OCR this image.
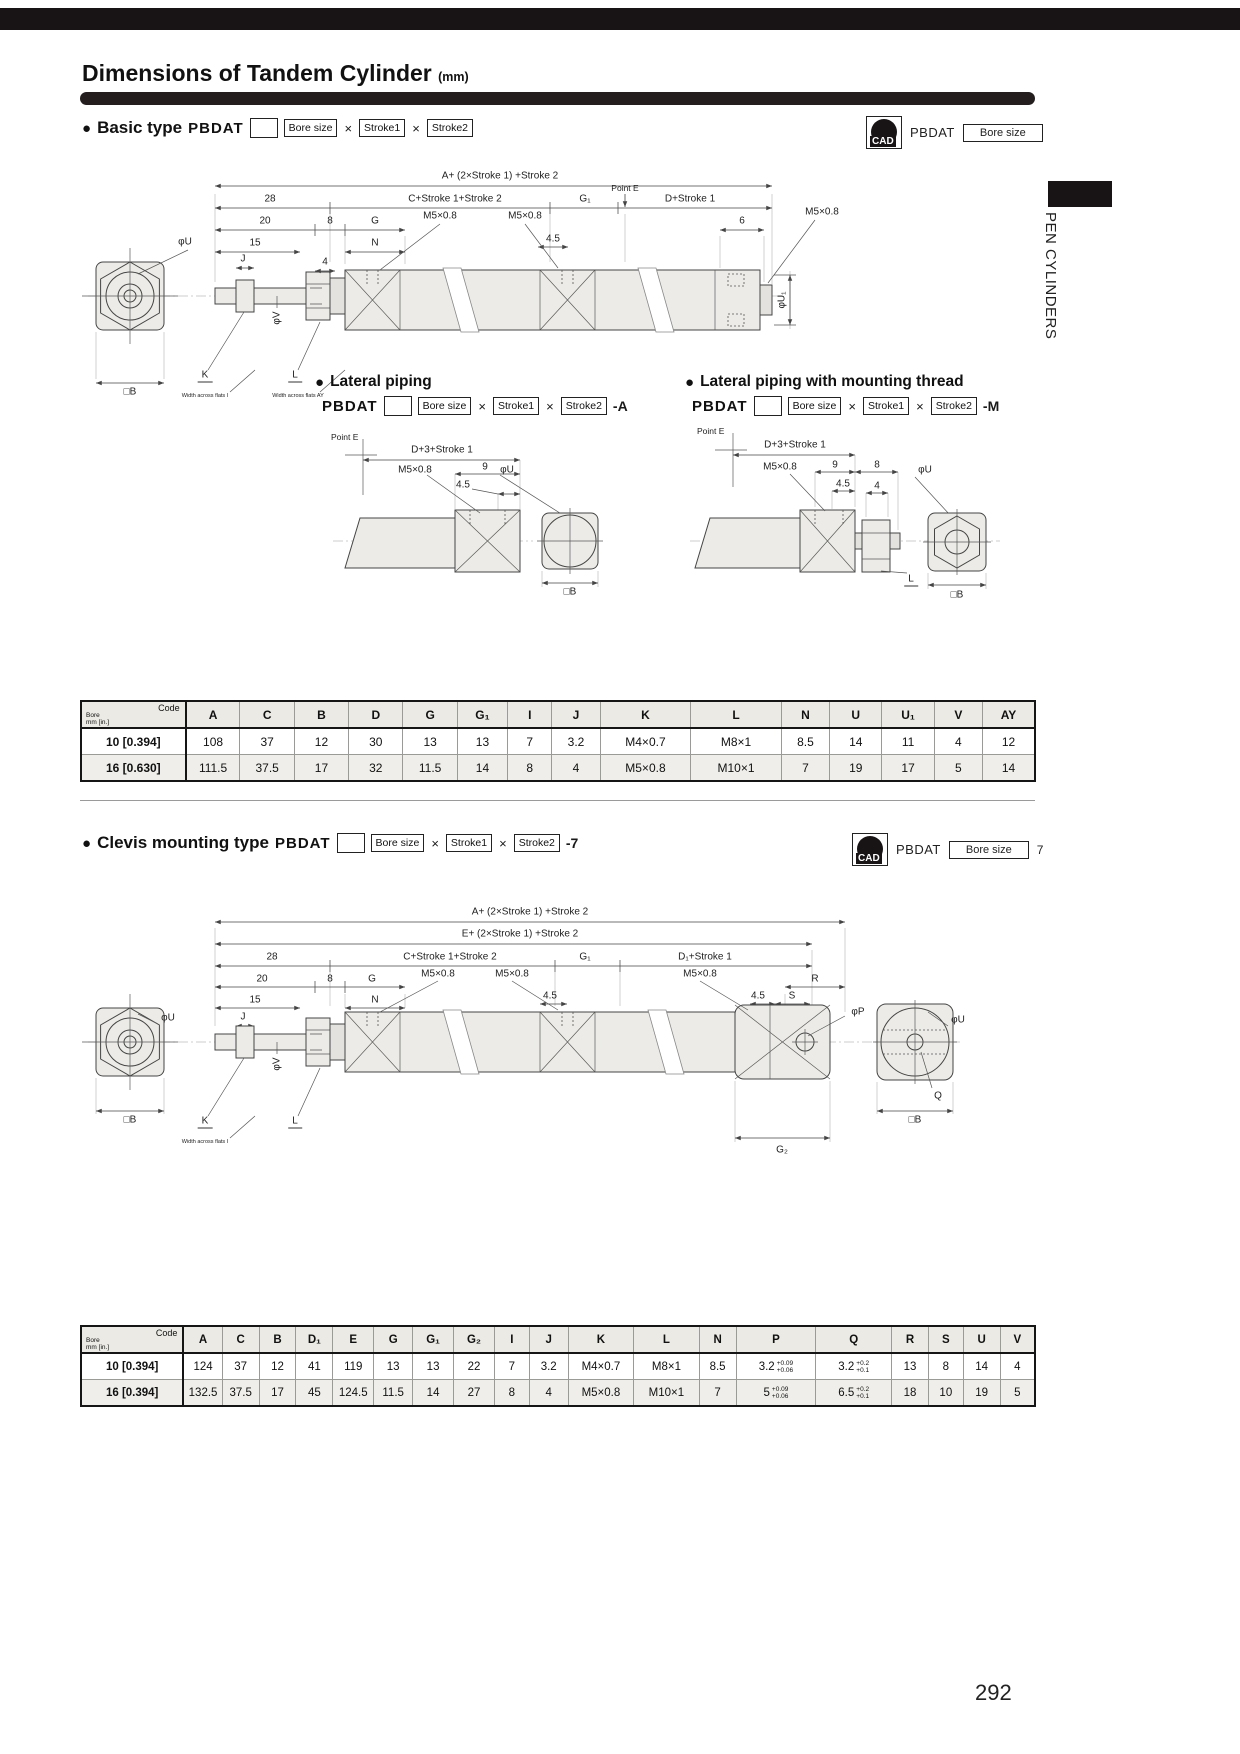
PEN CYLINDERS
Dimensions of Tandem Cylinder (mm)
● Basic type PBDAT	Bore size ×	Stroke1 ×	Stroke2
CAD
PBDAT	Bore size
A+ (2×Stroke 1) +Stroke 2
28	C+Stroke 1+Stroke 2	G₁
Point E
D+Stroke 1
20	8	G	M5×0.8	M5×0.8
4.5
6
M5×0.8
15	N
J	4
φU
φV
φU₁
K	L
□B	Width across flats I	Width across flats AY
● Lateral piping
PBDAT	Bore size ×	Stroke1 ×	Stroke2 -A
Point E
D+3+Stroke 1
M5×0.8	9
4.5
φU
□B
● Lateral piping with mounting thread
PBDAT	Bore size ×	Stroke1 ×	Stroke2 -M
Point E
D+3+Stroke 1
M5×0.8	9	8
4.5 4
φU
L
□B
Code
Bore
mm [in.]	A	C	B	D	G	G₁	I	J	K	L	N	U	U₁	V	AY
10 [0.394]	108	37	12	30	13	13	7	3.2	M4×0.7	M8×1	8.5	14	11	4	12
16 [0.630]	111.5	37.5	17	32	11.5	14	8	4	M5×0.8	M10×1	7	19	17	5	14
● Clevis mounting type PBDAT	Bore size ×	Stroke1 ×	Stroke2 -7
CAD
PBDAT	Bore size	7
A+ (2×Stroke 1) +Stroke 2
E+ (2×Stroke 1) +Stroke 2
28	C+Stroke 1+Stroke 2	G₁	D₁+Stroke 1
20	8	G	M5×0.8	M5×0.8	M5×0.8	R
4.5	4.5 S
15	N
J	φP
φU	φU
φV
K	L
□B
Width across flats I
G₂
Q
□B
Code
Bore
mm [in.]	A	C	B	D₁	E	G	G₁	G₂	I	J	K	L	N	P	Q	R	S	U	V
10 [0.394]	124	37	12	41	119	13	13	22	7	3.2	M4×0.7	M8×1	8.5	3.2 +0.09
+0.06	3.2 +0.2
+0.1	13	8	14	4
16 [0.394]	132.5	37.5	17	45	124.5	11.5	14	27	8	4	M5×0.8	M10×1	7	5 +0.09
+0.06	6.5 +0.2
+0.1	18	10	19	5
292
